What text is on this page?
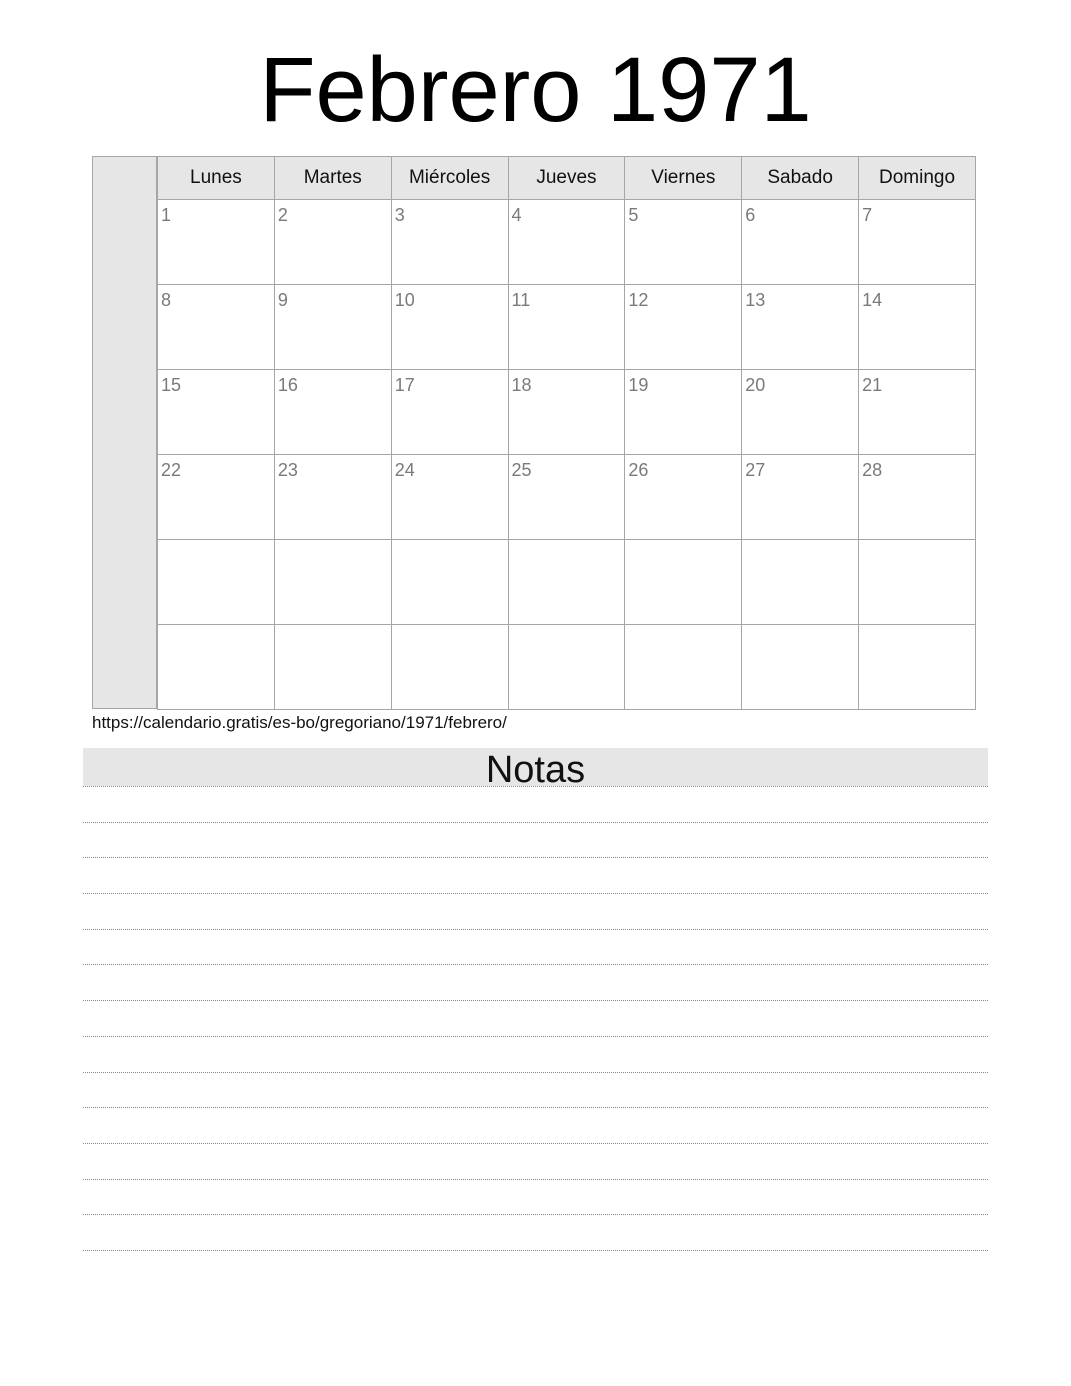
Febrero 1971
Lunes	Martes	Miércoles	Jueves	Viernes	Sabado	Domingo

1	2	3	4	5	6	7

8	9	10	11	12	13	14

15	16	17	18	19	20	21

22	23	24	25	26	27	28

https://calendario.gratis/es-bo/gregoriano/1971/febrero/
Notas
